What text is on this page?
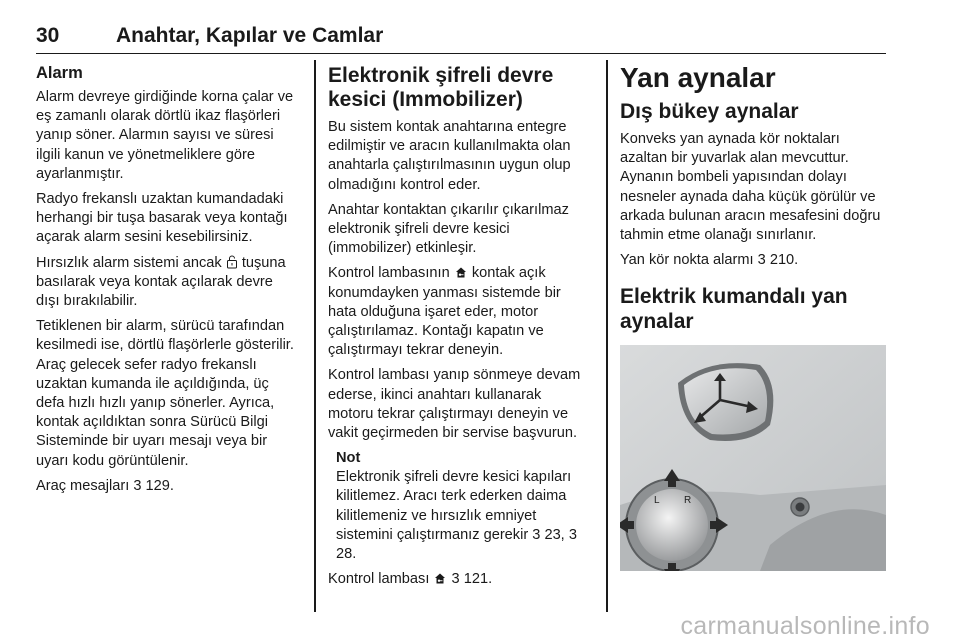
30	Anahtar, Kapılar ve Camlar
Alarm
Alarm devreye girdiğinde korna çalar ve eş zamanlı olarak dörtlü ikaz flaşörleri yanıp söner. Alarmın sayısı ve süresi ilgili kanun ve yönetmeliklere göre ayarlanmıştır.
Radyo frekanslı uzaktan kumandadaki herhangi bir tuşa basarak veya kontağı açarak alarm sesini kesebilirsiniz.
Hırsızlık alarm sistemi ancak tuşuna basılarak veya kontak açılarak devre dışı bırakılabilir.
Tetiklenen bir alarm, sürücü tarafından kesilmedi ise, dörtlü flaşörlerle gösterilir. Araç gelecek sefer radyo frekanslı uzaktan kumanda ile açıldığında, üç defa hızlı hızlı yanıp sönerler. Ayrıca, kontak açıldıktan sonra Sürücü Bilgi Sisteminde bir uyarı mesajı veya bir uyarı kodu görüntülenir.
Araç mesajları 3 129.
Elektronik şifreli devre kesici (Immobilizer)
Bu sistem kontak anahtarına entegre edilmiştir ve aracın kullanılmakta olan anahtarla çalıştırılmasının uygun olup olmadığını kontrol eder.
Anahtar kontaktan çıkarılır çıkarılmaz elektronik şifreli devre kesici (immobilizer) etkinleşir.
Kontrol lambasının kontak açık konumdayken yanması sistemde bir hata olduğuna işaret eder, motor çalıştırılamaz. Kontağı kapatın ve çalıştırmayı tekrar deneyin.
Kontrol lambası yanıp sönmeye devam ederse, ikinci anahtarı kullanarak motoru tekrar çalıştırmayı deneyin ve vakit geçirmeden bir servise başvurun.
Not
Elektronik şifreli devre kesici kapıları kilitlemez. Aracı terk ederken daima kilitlemeniz ve hırsızlık emniyet sistemini çalıştırmanız gerekir 3 23, 3 28.
Kontrol lambası 3 121.
Yan aynalar
Dış bükey aynalar
Konveks yan aynada kör noktaları azaltan bir yuvarlak alan mevcuttur. Aynanın bombeli yapısından dolayı nesneler aynada daha küçük görülür ve arkada bulunan aracın mesafesini doğru tahmin etme olanağı sınırlanır.
Yan kör nokta alarmı 3 210.
Elektrik kumandalı yan aynalar
L R
carmanualsonline.info
